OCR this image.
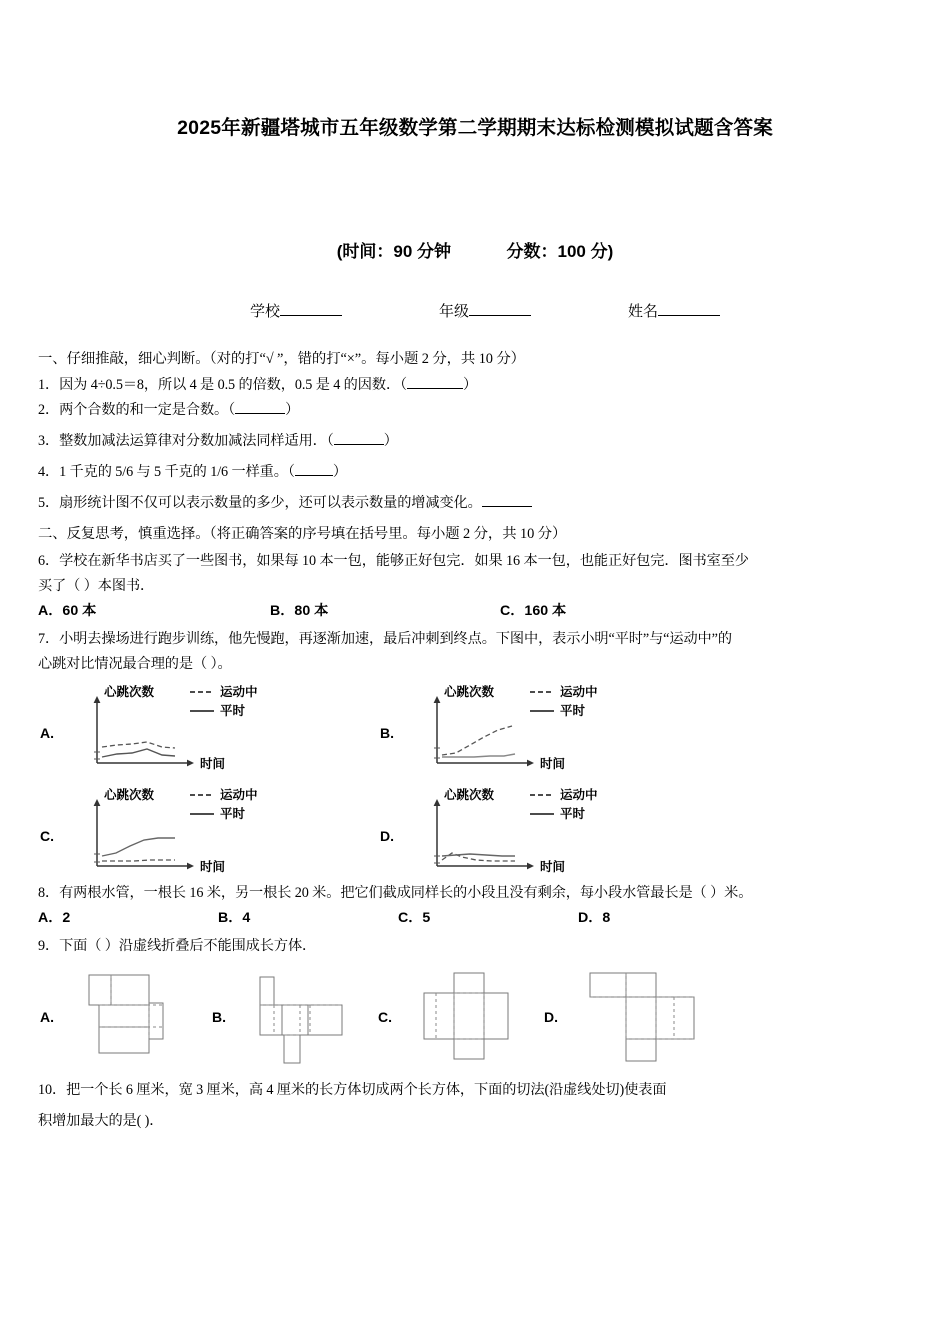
2025年新疆塔城市五年级数学第二学期期末达标检测模拟试题含答案
(时间：90 分钟	分数：100 分)
学校	年级	姓名
一、仔细推敲，细心判断。（对的打“√ ”，错的打“×”。每小题 2 分，共 10 分）
1．因为 4÷0.5＝8，所以 4 是 0.5 的倍数，0.5 是 4 的因数．（	）
2．两个合数的和一定是合数。（	）
3．整数加减法运算律对分数加减法同样适用．（	）
4．1 千克的 5/6 与 5 千克的 1/6 一样重。（	）
5．扇形统计图不仅可以表示数量的多少，还可以表示数量的增减变化。
二、反复思考，慎重选择。（将正确答案的序号填在括号里。每小题 2 分，共 10 分）
6．学校在新华书店买了一些图书，如果每 10 本一包，能够正好包完．如果 16 本一包，也能正好包完．图书室至少
买了（ ）本图书．
A．60 本	B．80 本	C．160 本
7．小明去操场进行跑步训练，他先慢跑，再逐渐加速，最后冲刺到终点。下图中，表示小明“平时”与“运动中”的
心跳对比情况最合理的是（ ）。
A.
心跳次数	运动中
平时
时间
B.
心跳次数	运动中
平时
时间
C.
心跳次数	运动中
平时
时间
D.
心跳次数	运动中
平时
时间
8．有两根水管，一根长 16 米，另一根长 20 米。把它们截成同样长的小段且没有剩余，每小段水管最长是（ ）米。
A．2	B．4	C．5	D．8
9．下面（ ）沿虚线折叠后不能围成长方体．
A.	B.	C.	D.
10．把一个长 6 厘米，宽 3 厘米，高 4 厘米的长方体切成两个长方体，下面的切法(沿虚线处切)使表面
积增加最大的是( )．
